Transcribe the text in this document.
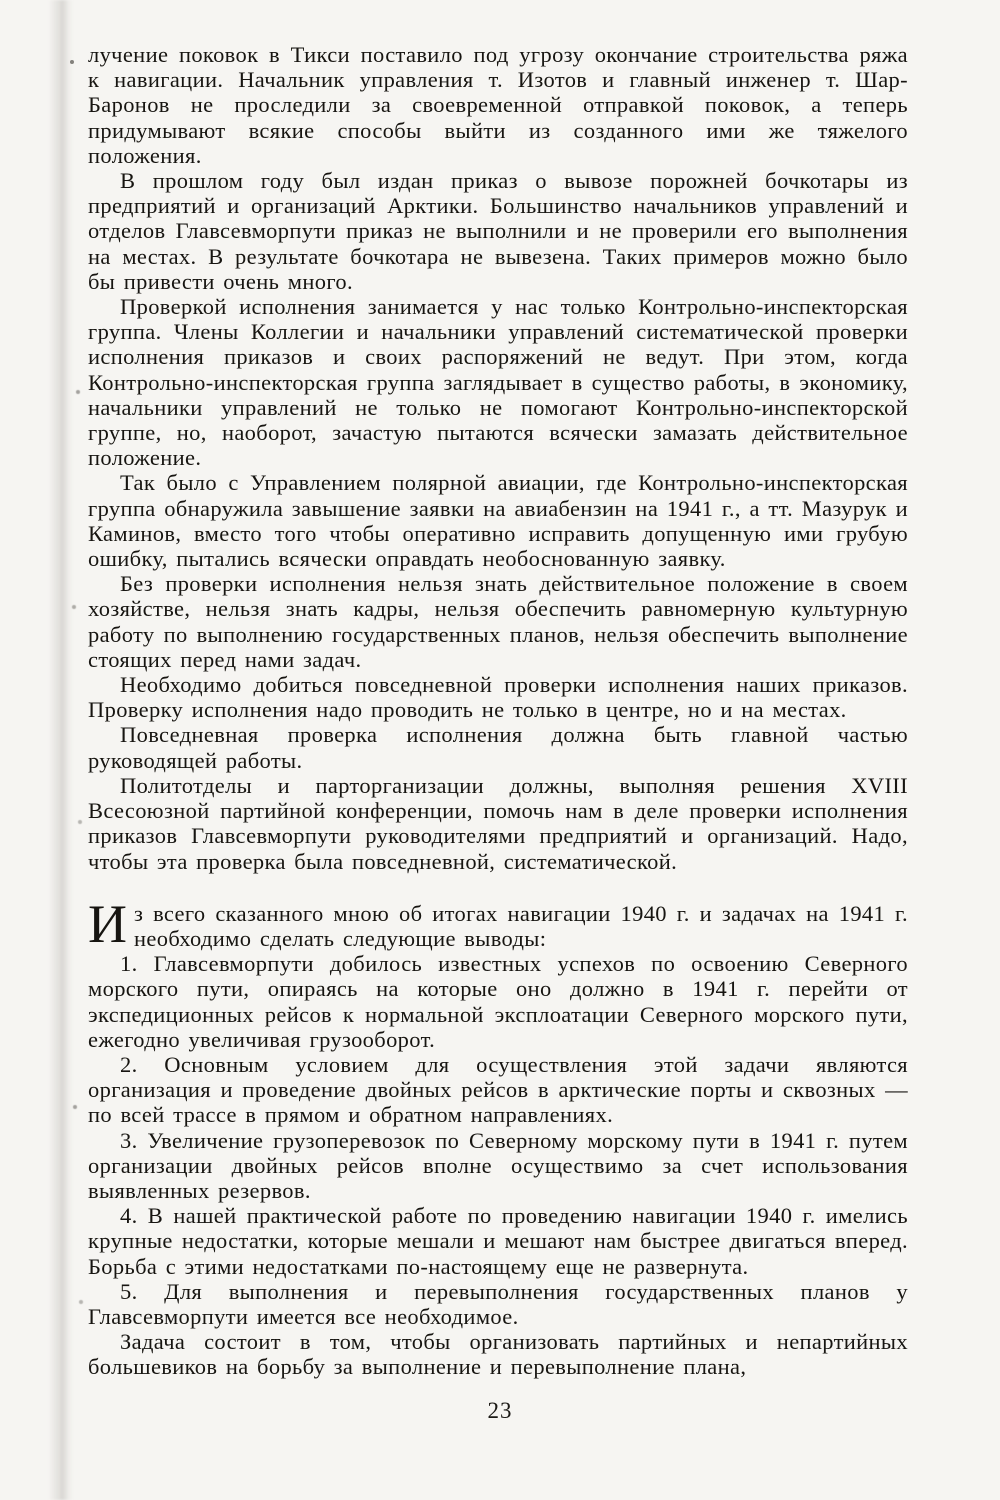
лучение поковок в Тикси поставило под угрозу окончание строительства ряжа к навигации. Начальник управления т. Изотов и главный инженер т. Шар-Баронов не проследили за своевременной отправкой поковок, а теперь придумывают всякие способы выйти из созданного ими же тяжелого положения.

В прошлом году был издан приказ о вывозе порожней бочкотары из предприятий и организаций Арктики. Большинство начальников управлений и отделов Главсевморпути приказ не выполнили и не проверили его выполнения на местах. В результате бочкотара не вывезена. Таких примеров можно было бы привести очень много.

Проверкой исполнения занимается у нас только Контрольно-инспекторская группа. Члены Коллегии и начальники управлений систематической проверки исполнения приказов и своих распоряжений не ведут. При этом, когда Контрольно-инспекторская группа заглядывает в существо работы, в экономику, начальники управлений не только не помогают Контрольно-инспекторской группе, но, наоборот, зачастую пытаются всячески замазать действительное положение.

Так было с Управлением полярной авиации, где Контрольно-инспекторская группа обнаружила завышение заявки на авиабензин на 1941 г., а тт. Мазурук и Каминов, вместо того чтобы оперативно исправить допущенную ими грубую ошибку, пытались всячески оправдать необоснованную заявку.

Без проверки исполнения нельзя знать действительное положение в своем хозяйстве, нельзя знать кадры, нельзя обеспечить равномерную культурную работу по выполнению государственных планов, нельзя обеспечить выполнение стоящих перед нами задач.

Необходимо добиться повседневной проверки исполнения наших приказов. Проверку исполнения надо проводить не только в центре, но и на местах.

Повседневная проверка исполнения должна быть главной частью руководящей работы.

Политотделы и парторганизации должны, выполняя решения XVIII Всесоюзной партийной конференции, помочь нам в деле проверки исполнения приказов Главсевморпути руководителями предприятий и организаций. Надо, чтобы эта проверка была повседневной, систематической.

Из всего сказанного мною об итогах навигации 1940 г. и задачах на 1941 г. необходимо сделать следующие выводы:

1. Главсевморпути добилось известных успехов по освоению Северного морского пути, опираясь на которые оно должно в 1941 г. перейти от экспедиционных рейсов к нормальной эксплоатации Северного морского пути, ежегодно увеличивая грузооборот.

2. Основным условием для осуществления этой задачи являются организация и проведение двойных рейсов в арктические порты и сквозных — по всей трассе в прямом и обратном направлениях.

3. Увеличение грузоперевозок по Северному морскому пути в 1941 г. путем организации двойных рейсов вполне осуществимо за счет использования выявленных резервов.

4. В нашей практической работе по проведению навигации 1940 г. имелись крупные недостатки, которые мешали и мешают нам быстрее двигаться вперед. Борьба с этими недостатками по-настоящему еще не развернута.

5. Для выполнения и перевыполнения государственных планов у Главсевморпути имеется все необходимое.

Задача состоит в том, чтобы организовать партийных и непартийных большевиков на борьбу за выполнение и перевыполнение плана,

23
